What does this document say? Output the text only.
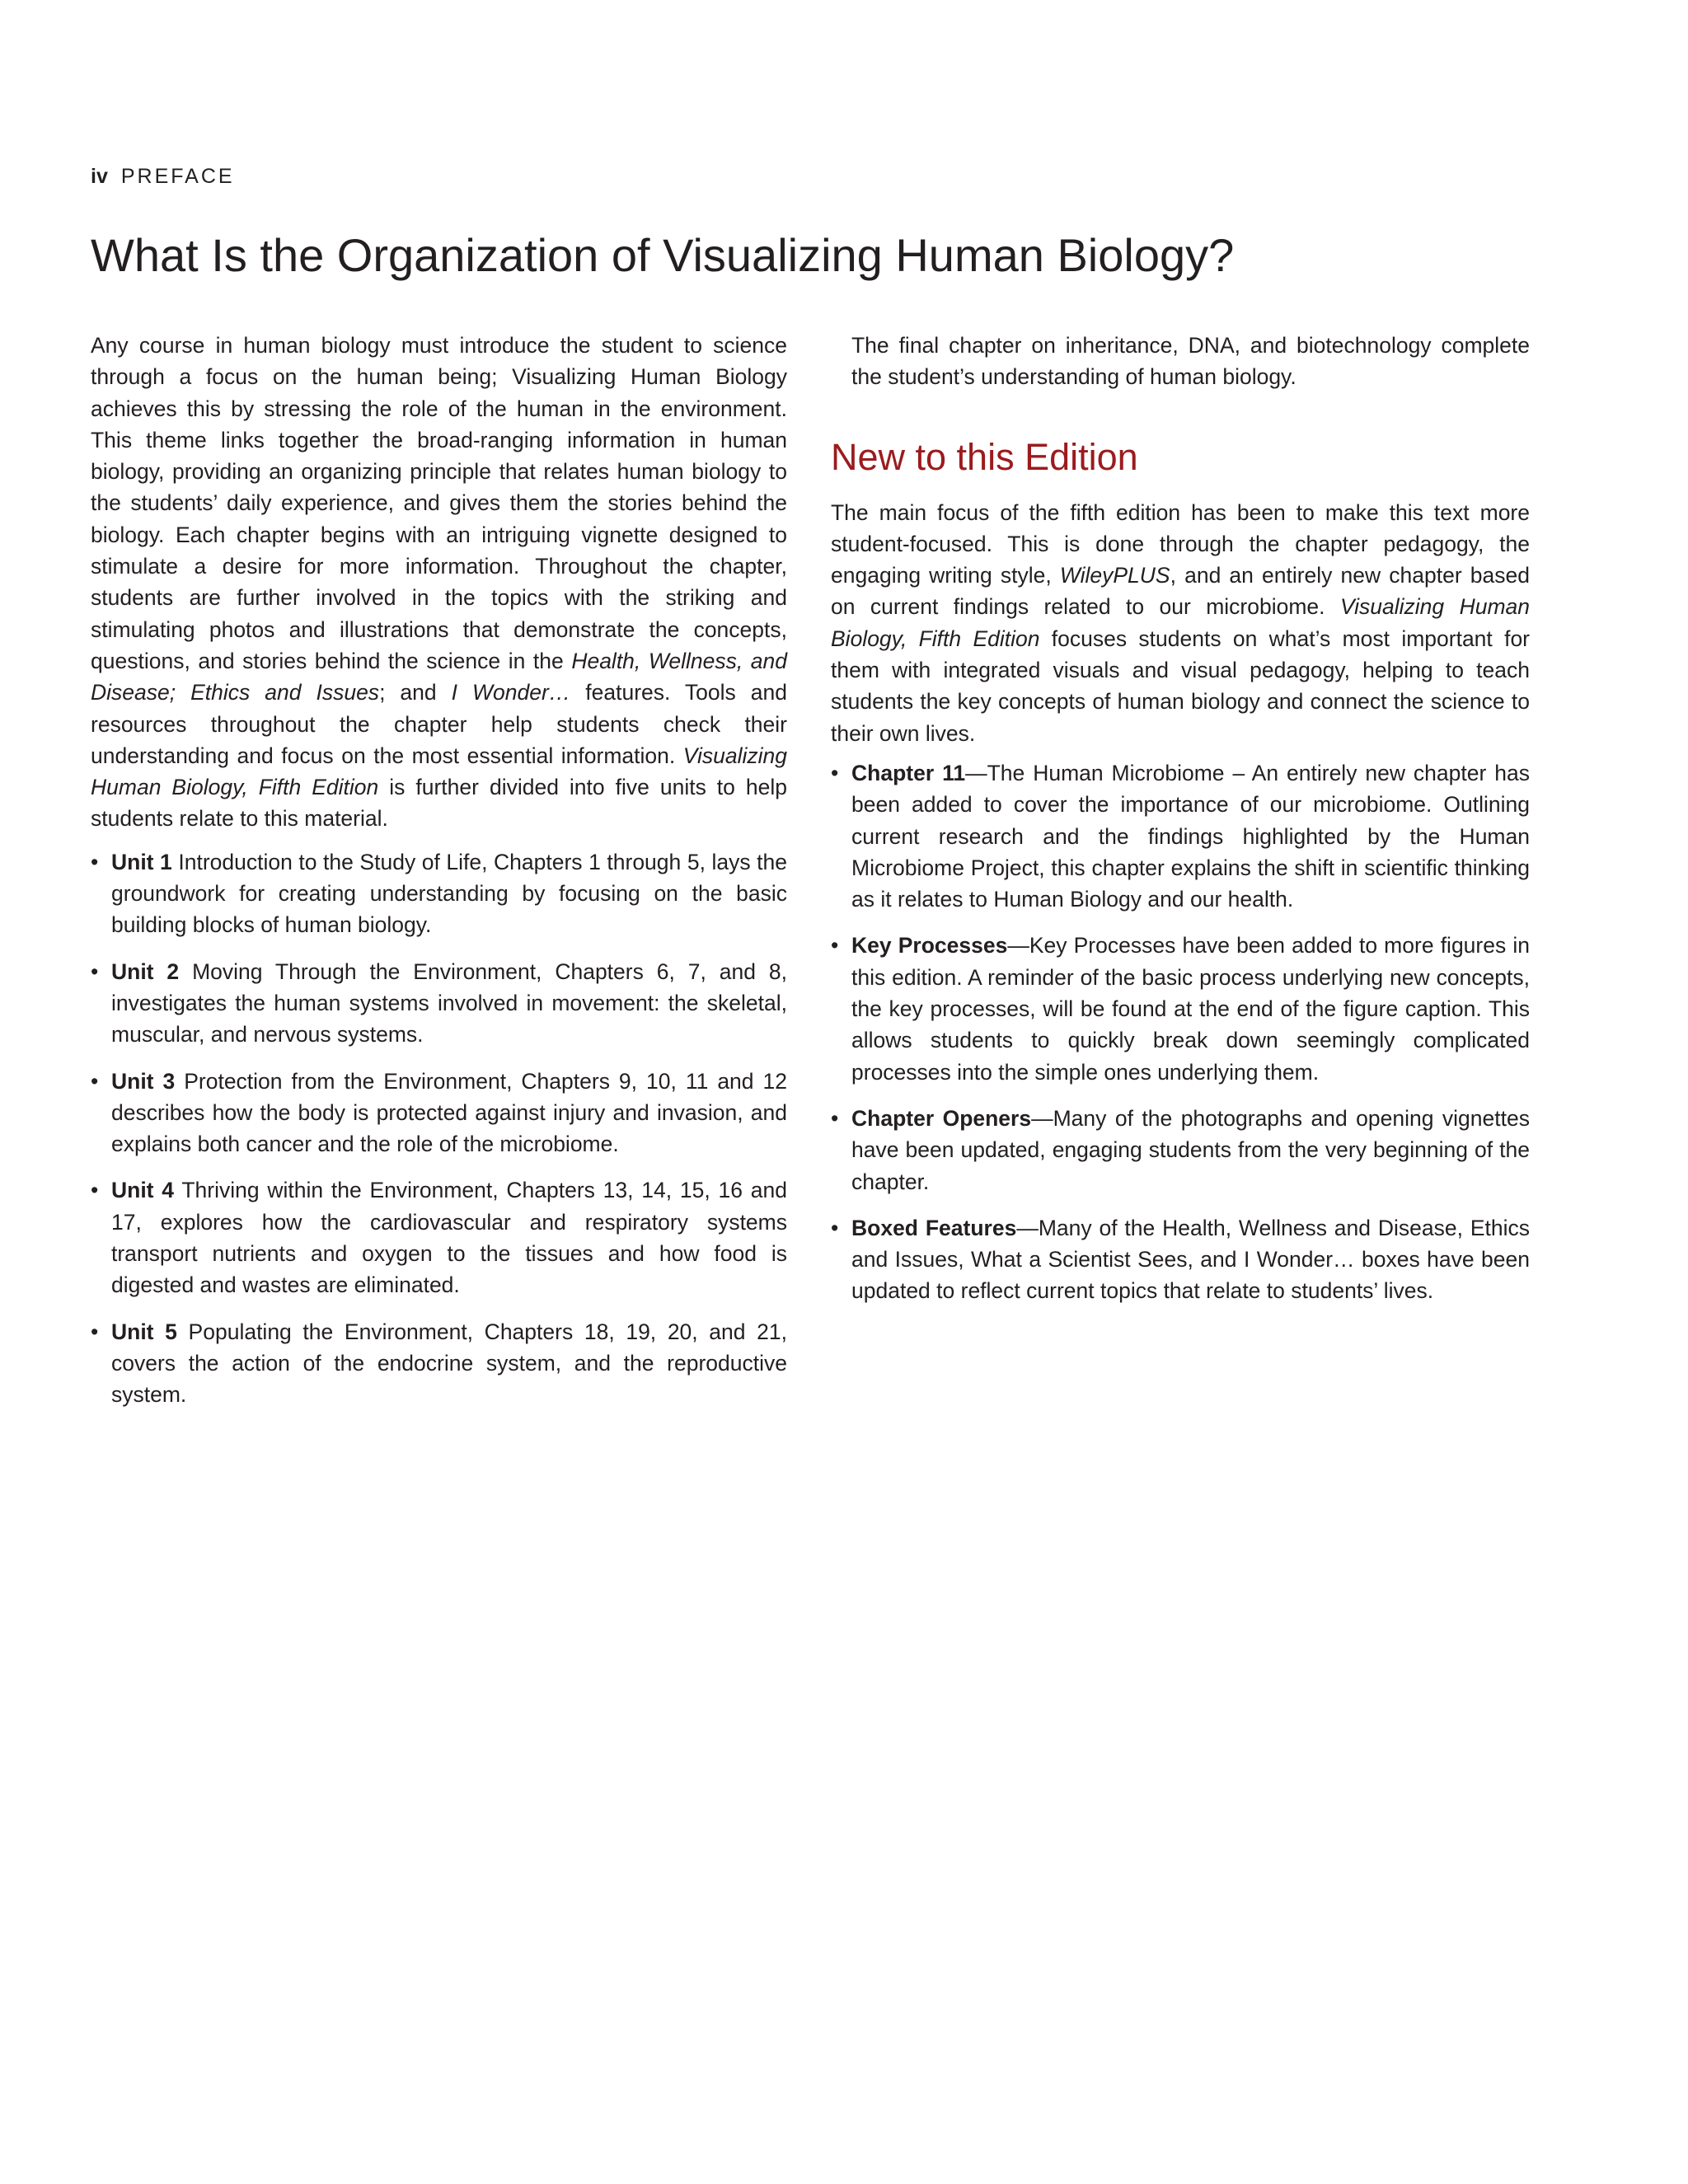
iv PREFACE
What Is the Organization of Visualizing Human Biology?

Any course in human biology must introduce the student to science through a focus on the human being; Visualizing Human Biology achieves this by stressing the role of the human in the environment. This theme links together the broad-ranging information in human biology, providing an organizing principle that relates human biology to the students’ daily experience, and gives them the stories behind the biology. Each chapter begins with an intriguing vignette designed to stimulate a desire for more information. Throughout the chapter, students are further involved in the topics with the striking and stimulating photos and illustrations that demonstrate the concepts, questions, and stories behind the science in the Health, Wellness, and Disease; Ethics and Issues; and I Wonder… features. Tools and resources throughout the chapter help students check their understanding and focus on the most essential information. Visualizing Human Biology, Fifth Edition is further divided into five units to help students relate to this material.

• Unit 1 Introduction to the Study of Life, Chapters 1 through 5, lays the groundwork for creating understanding by focusing on the basic building blocks of human biology.
• Unit 2 Moving Through the Environment, Chapters 6, 7, and 8, investigates the human systems involved in movement: the skeletal, muscular, and nervous systems.
• Unit 3 Protection from the Environment, Chapters 9, 10, 11 and 12 describes how the body is protected against injury and invasion, and explains both cancer and the role of the microbiome.
• Unit 4 Thriving within the Environment, Chapters 13, 14, 15, 16 and 17, explores how the cardiovascular and respiratory systems transport nutrients and oxygen to the tissues and how food is digested and wastes are eliminated.
• Unit 5 Populating the Environment, Chapters 18, 19, 20, and 21, covers the action of the endocrine system, and the reproductive system.

The final chapter on inheritance, DNA, and biotechnology complete the student’s understanding of human biology.

New to this Edition

The main focus of the fifth edition has been to make this text more student-focused. This is done through the chapter pedagogy, the engaging writing style, WileyPLUS, and an entirely new chapter based on current findings related to our microbiome. Visualizing Human Biology, Fifth Edition focuses students on what’s most important for them with integrated visuals and visual pedagogy, helping to teach students the key concepts of human biology and connect the science to their own lives.

• Chapter 11—The Human Microbiome – An entirely new chapter has been added to cover the importance of our microbiome. Outlining current research and the findings highlighted by the Human Microbiome Project, this chapter explains the shift in scientific thinking as it relates to Human Biology and our health.
• Key Processes—Key Processes have been added to more figures in this edition. A reminder of the basic process underlying new concepts, the key processes, will be found at the end of the figure caption. This allows students to quickly break down seemingly complicated processes into the simple ones underlying them.
• Chapter Openers—Many of the photographs and opening vignettes have been updated, engaging students from the very beginning of the chapter.
• Boxed Features—Many of the Health, Wellness and Disease, Ethics and Issues, What a Scientist Sees, and I Wonder… boxes have been updated to reflect current topics that relate to students’ lives.
